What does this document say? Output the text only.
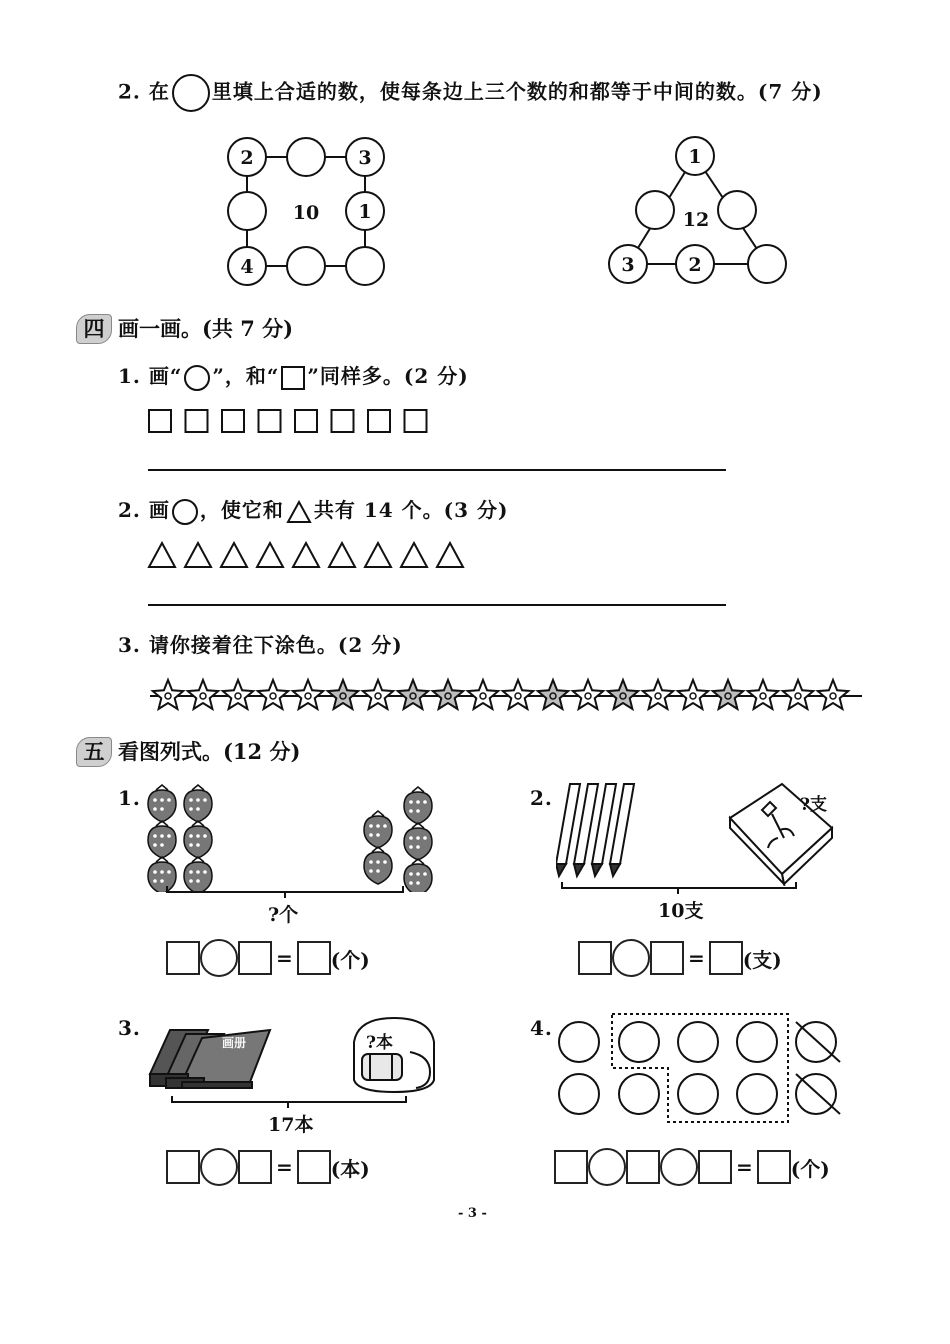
2. 在 里填上合适的数，使每条边上三个数的和都等于中间的数。(7 分)
2	3
1
4
10
1
3	2
12
四 画一画。(共 7 分)
1. 画“ ”，和“ ”同样多。(2 分)
2. 画 ，使它和 共有 14 个。(3 分)
3. 请你接着往下涂色。(2 分)
五 看图列式。(12 分)
1.
?个
= (个)
2.	?支
10支
= (支)
3.
画册	?本
17本
= (本)
4.
= (个)
- 3 -
